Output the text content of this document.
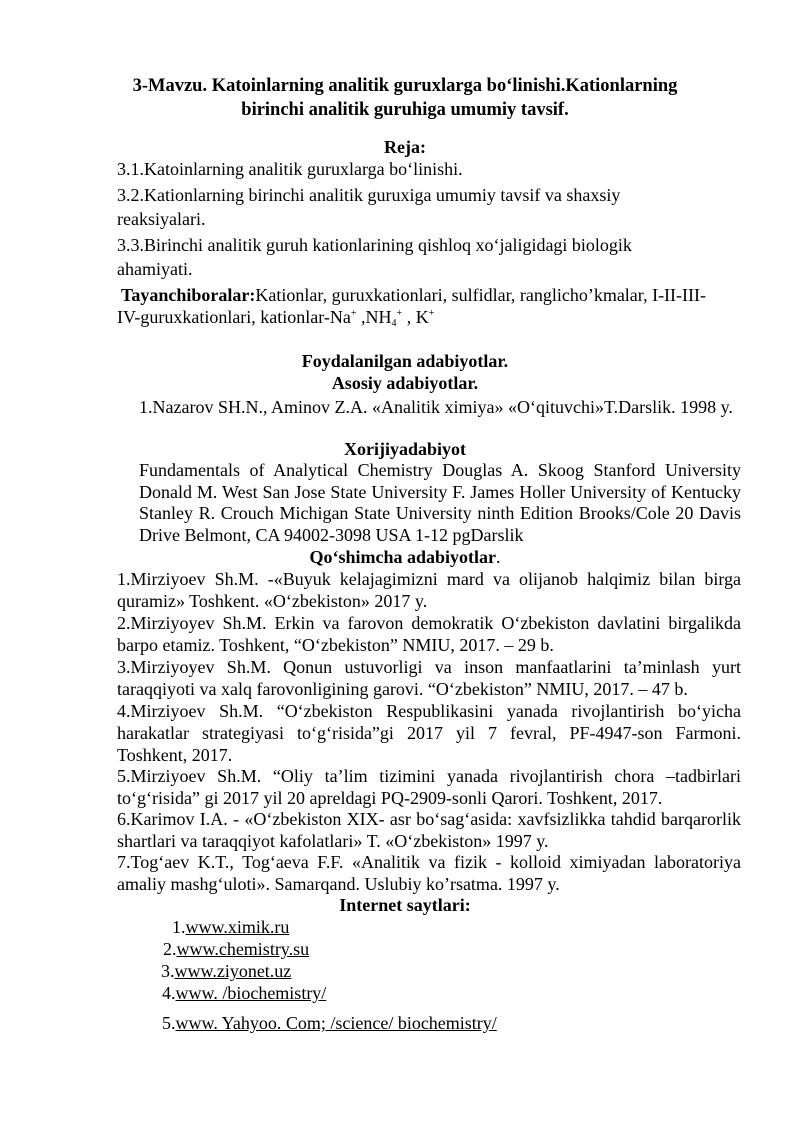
3-Mavzu. Katoinlarning analitik guruxlarga bo‘linishi.Kationlarning
birinchi analitik guruhiga umumiy tavsif.
Reja:
3.1.Katoinlarning analitik guruxlarga bo‘linishi.
3.2.Kationlarning birinchi analitik guruxiga umumiy tavsif va shaxsiy
reaksiyalari.
3.3.Birinchi analitik guruh kationlarining qishloq xo‘jaligidagi biologik
ahamiyati.
Tayanchiboralar:Kationlar, guruxkationlari, sulfidlar, ranglicho’kmalar, I-II-III-
IV-guruxkationlari, kationlar-Na+ $,NH_4^+$ , K+
Foydalanilgan adabiyotlar.
Asosiy adabiyotlar.
1.Nazarov SH.N., Aminov Z.A. «Analitik ximiya» «O‘qituvchi»T.Darslik. 1998 y.
Xorijiyadabiyot
Fundamentals of Analytical Chemistry Douglas A. Skoog Stanford University Donald M. West San Jose State University F. James Holler University of Kentucky Stanley R. Crouch Michigan State University ninth Edition Brooks/Cole 20 Davis Drive Belmont, CA 94002-3098 USA 1-12 pgDarslik
Qo‘shimcha adabiyotlar.
1.Mirziyoev Sh.M. -«Buyuk kelajagimizni mard va olijanob halqimiz bilan birga quramiz» Toshkent. «O‘zbekiston» 2017 y.
2.Mirziyoyev Sh.M. Erkin va farovon demokratik O‘zbekiston davlatini birgalikda barpo etamiz. Toshkent, “O‘zbekiston” NMIU, 2017. – 29 b.
3.Mirziyoyev Sh.M. Qonun ustuvorligi va inson manfaatlarini ta’minlash yurt taraqqiyoti va xalq farovonligining garovi. “O‘zbekiston” NMIU, 2017. – 47 b.
4.Mirziyoev Sh.M. “O‘zbekiston Respublikasini yanada rivojlantirish bo‘yicha harakatlar strategiyasi to‘g‘risida”gi 2017 yil 7 fevral, PF-4947-son Farmoni. Toshkent, 2017.
5.Mirziyoev Sh.M. “Oliy ta’lim tizimini yanada rivojlantirish chora –tadbirlari to‘g‘risida” gi 2017 yil 20 apreldagi PQ-2909-sonli Qarori. Toshkent, 2017.
6.Karimov I.A. - «O‘zbekiston XIX- asr bo‘sag‘asida: xavfsizlikka tahdid barqarorlik shartlari va taraqqiyot kafolatlari» T. «O‘zbekiston» 1997 y.
7.Tog‘aev K.T., Tog‘aeva F.F. «Analitik va fizik - kolloid ximiyadan laboratoriya amaliy mashg‘uloti». Samarqand. Uslubiy ko’rsatma. 1997 y.
Internet saytlari:
1.www.ximik.ru
2.www.chemistry.su
3.www.ziyonet.uz
4.www. /biochemistry/
5.www. Yahyoo. Com; /science/ biochemistry/
